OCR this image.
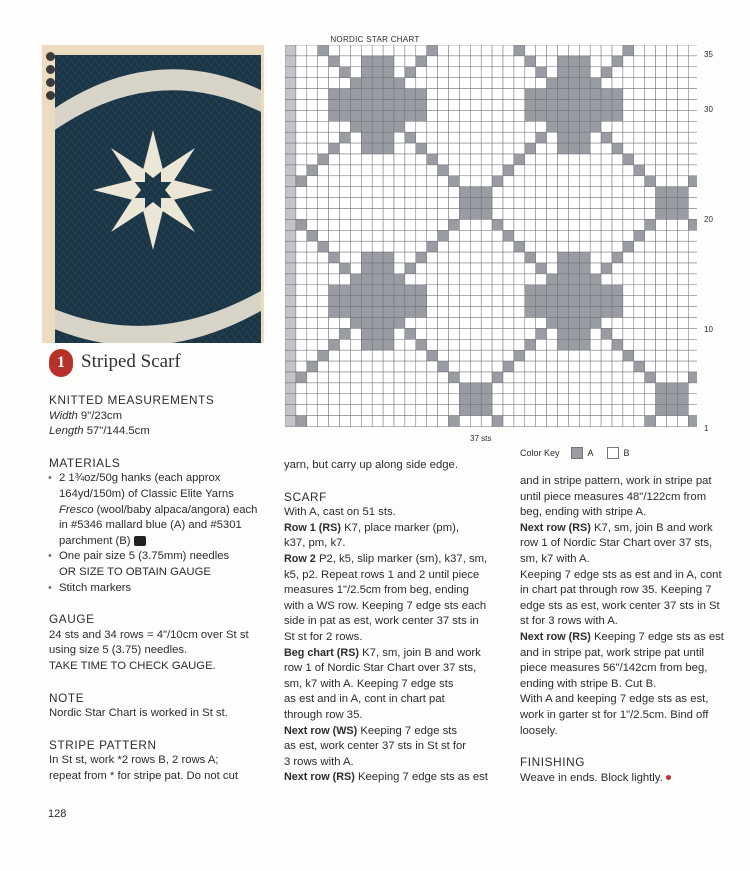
NORDIC STAR CHART
35
30
20
10
1
37 sts
Color Key	A	B
1 Striped Scarf
KNITTED MEASUREMENTS
Width 9"/23cm
Length 57"/144.5cm
MATERIALS
• 2 1¾oz/50g hanks (each approx
164yd/150m) of Classic Elite Yarns
Fresco (wool/baby alpaca/angora) each
in #5346 mallard blue (A) and #5301
parchment (B)
• One pair size 5 (3.75mm) needles
OR SIZE TO OBTAIN GAUGE
• Stitch markers
GAUGE
24 sts and 34 rows = 4"/10cm over St st
using size 5 (3.75) needles.
TAKE TIME TO CHECK GAUGE.
NOTE
Nordic Star Chart is worked in St st.
STRIPE PATTERN
In St st, work *2 rows B, 2 rows A;
repeat from * for stripe pat. Do not cut
yarn, but carry up along side edge.
SCARF
With A, cast on 51 sts.
Row 1 (RS) K7, place marker (pm),
k37, pm, k7.
Row 2 P2, k5, slip marker (sm), k37, sm,
k5, p2. Repeat rows 1 and 2 until piece
measures 1"/2.5cm from beg, ending
with a WS row. Keeping 7 edge sts each
side in pat as est, work center 37 sts in
St st for 2 rows.
Beg chart (RS) K7, sm, join B and work
row 1 of Nordic Star Chart over 37 sts,
sm, k7 with A. Keeping 7 edge sts
as est and in A, cont in chart pat
through row 35.
Next row (WS) Keeping 7 edge sts
as est, work center 37 sts in St st for
3 rows with A.
Next row (RS) Keeping 7 edge sts as est
and in stripe pattern, work in stripe pat
until piece measures 48"/122cm from
beg, ending with stripe A.
Next row (RS) K7, sm, join B and work
row 1 of Nordic Star Chart over 37 sts,
sm, k7 with A.
Keeping 7 edge sts as est and in A, cont
in chart pat through row 35. Keeping 7
edge sts as est, work center 37 sts in St
st for 3 rows with A.
Next row (RS) Keeping 7 edge sts as est
and in stripe pat, work stripe pat until
piece measures 56"/142cm from beg,
ending with stripe B. Cut B.
With A and keeping 7 edge sts as est,
work in garter st for 1"/2.5cm. Bind off
loosely.
FINISHING
Weave in ends. Block lightly.
128
